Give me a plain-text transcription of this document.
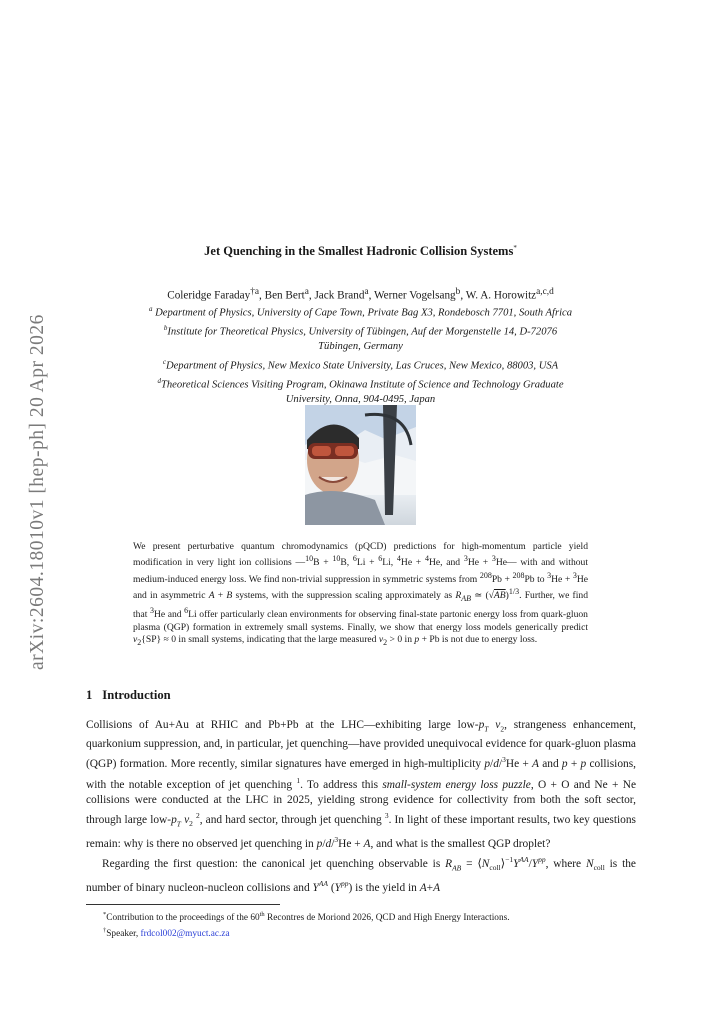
arXiv:2604.18010v1 [hep-ph] 20 Apr 2026
Jet Quenching in the Smallest Hadronic Collision Systems*
Coleridge Faraday$^{\dagger a}$, Ben Bert$^a$, Jack Brand$^a$, Werner Vogelsang$^b$, W. A. Horowitz$^{a,c,d}$
$^a$ Department of Physics, University of Cape Town, Private Bag X3, Rondebosch 7701, South Africa
$^b$Institute for Theoretical Physics, University of Tübingen, Auf der Morgenstelle 14, D-72076
Tübingen, Germany
$^c$Department of Physics, New Mexico State University, Las Cruces, New Mexico, 88003, USA
$^d$Theoretical Sciences Visiting Program, Okinawa Institute of Science and Technology Graduate
University, Onna, 904-0495, Japan
We present perturbative quantum chromodynamics (pQCD) predictions for high-momentum particle yield modification in very light ion collisions —$^{10}$B + $^{10}$B, $^6$Li + $^6$Li, $^4$He + $^4$He, and $^3$He + $^3$He— with and without medium-induced energy loss. We find non-trivial suppression in symmetric systems from $^{208}$Pb + $^{208}$Pb to $^3$He + $^3$He and in asymmetric A + B systems, with the suppression scaling approximately as $R_{AB}$ ≃ $(√AB)^{1/3}$. Further, we find that $^3$He and $^6$Li offer particularly clean environments for observing final-state partonic energy loss from quark-gluon plasma (QGP) formation in extremely small systems. Finally, we show that energy loss models generically predict $v_2\{SP\} \approx 0$ in small systems, indicating that the large measured $v_2 > 0$ in p + Pb is not due to energy loss.
1 Introduction

Collisions of Au+Au at RHIC and Pb+Pb at the LHC—exhibiting large low-$p_T$ $v_2$, strangeness enhancement, quarkonium suppression, and, in particular, jet quenching—have provided unequivocal evidence for quark-gluon plasma (QGP) formation. More recently, similar signatures have emerged in high-multiplicity p/d/$^3$He + A and p + p collisions, with the notable exception of jet quenching $^1$. To address this small-system energy loss puzzle, O + O and Ne + Ne collisions were conducted at the LHC in 2025, yielding strong evidence for collectivity from both the soft sector, through large low-$p_T$ $v_2$ $^2$, and hard sector, through jet quenching $^3$. In light of these important results, two key questions remain: why is there no observed jet quenching in p/d/$^3$He + A, and what is the smallest QGP droplet?

Regarding the first question: the canonical jet quenching observable is $R_{AB}$ = $⟨N_{coll}⟩^{-1}Y^{AA}/Y^{pp}$, where $N_{coll}$ is the number of binary nucleon-nucleon collisions and $Y^{AA}$ $(Y^{pp})$ is the yield in A+A

*Contribution to the proceedings of the 60th Recontres de Moriond 2026, QCD and High Energy Interactions.
†Speaker, frdcol002@myuct.ac.za
